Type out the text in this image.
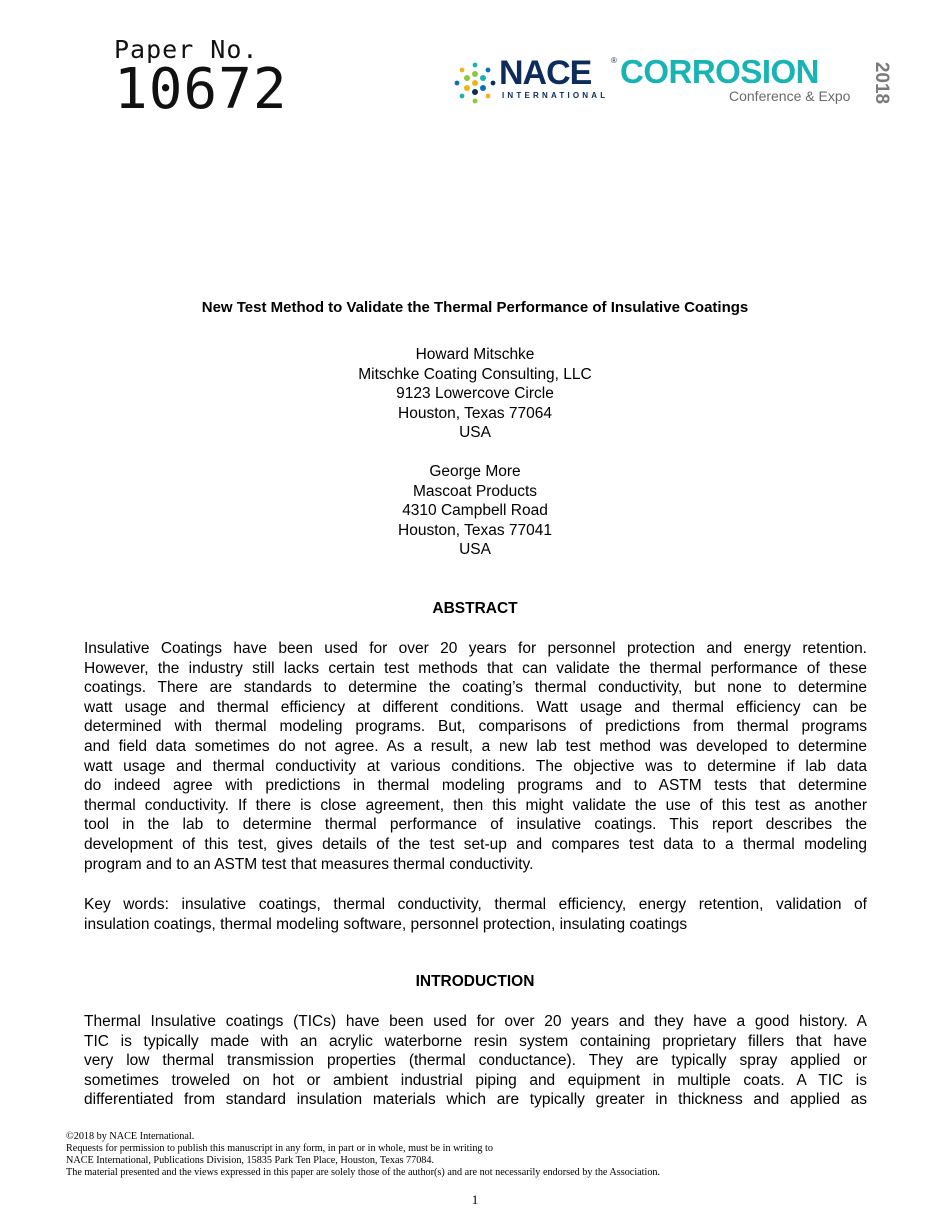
Paper No.
10672	NACE ®
INTERNATIONAL
CORROSION
Conference & Expo 2018
New Test Method to Validate the Thermal Performance of Insulative Coatings
Howard Mitschke
Mitschke Coating Consulting, LLC
9123 Lowercove Circle
Houston, Texas 77064
USA
George More
Mascoat Products
4310 Campbell Road
Houston, Texas 77041
USA
ABSTRACT
Insulative Coatings have been used for over 20 years for personnel protection and energy retention.
However, the industry still lacks certain test methods that can validate the thermal performance of these
coatings. There are standards to determine the coating’s thermal conductivity, but none to determine
watt usage and thermal efficiency at different conditions. Watt usage and thermal efficiency can be
determined with thermal modeling programs. But, comparisons of predictions from thermal programs
and field data sometimes do not agree. As a result, a new lab test method was developed to determine
watt usage and thermal conductivity at various conditions. The objective was to determine if lab data
do indeed agree with predictions in thermal modeling programs and to ASTM tests that determine
thermal conductivity. If there is close agreement, then this might validate the use of this test as another
tool in the lab to determine thermal performance of insulative coatings. This report describes the
development of this test, gives details of the test set-up and compares test data to a thermal modeling
program and to an ASTM test that measures thermal conductivity.
Key words: insulative coatings, thermal conductivity, thermal efficiency, energy retention, validation of
insulation coatings, thermal modeling software, personnel protection, insulating coatings
INTRODUCTION
Thermal Insulative coatings (TICs) have been used for over 20 years and they have a good history. A
TIC is typically made with an acrylic waterborne resin system containing proprietary fillers that have
very low thermal transmission properties (thermal conductance). They are typically spray applied or
sometimes troweled on hot or ambient industrial piping and equipment in multiple coats. A TIC is
differentiated from standard insulation materials which are typically greater in thickness and applied as
©2018 by NACE International.
Requests for permission to publish this manuscript in any form, in part or in whole, must be in writing to
NACE International, Publications Division, 15835 Park Ten Place, Houston, Texas 77084.
The material presented and the views expressed in this paper are solely those of the author(s) and are not necessarily endorsed by the Association.
1
